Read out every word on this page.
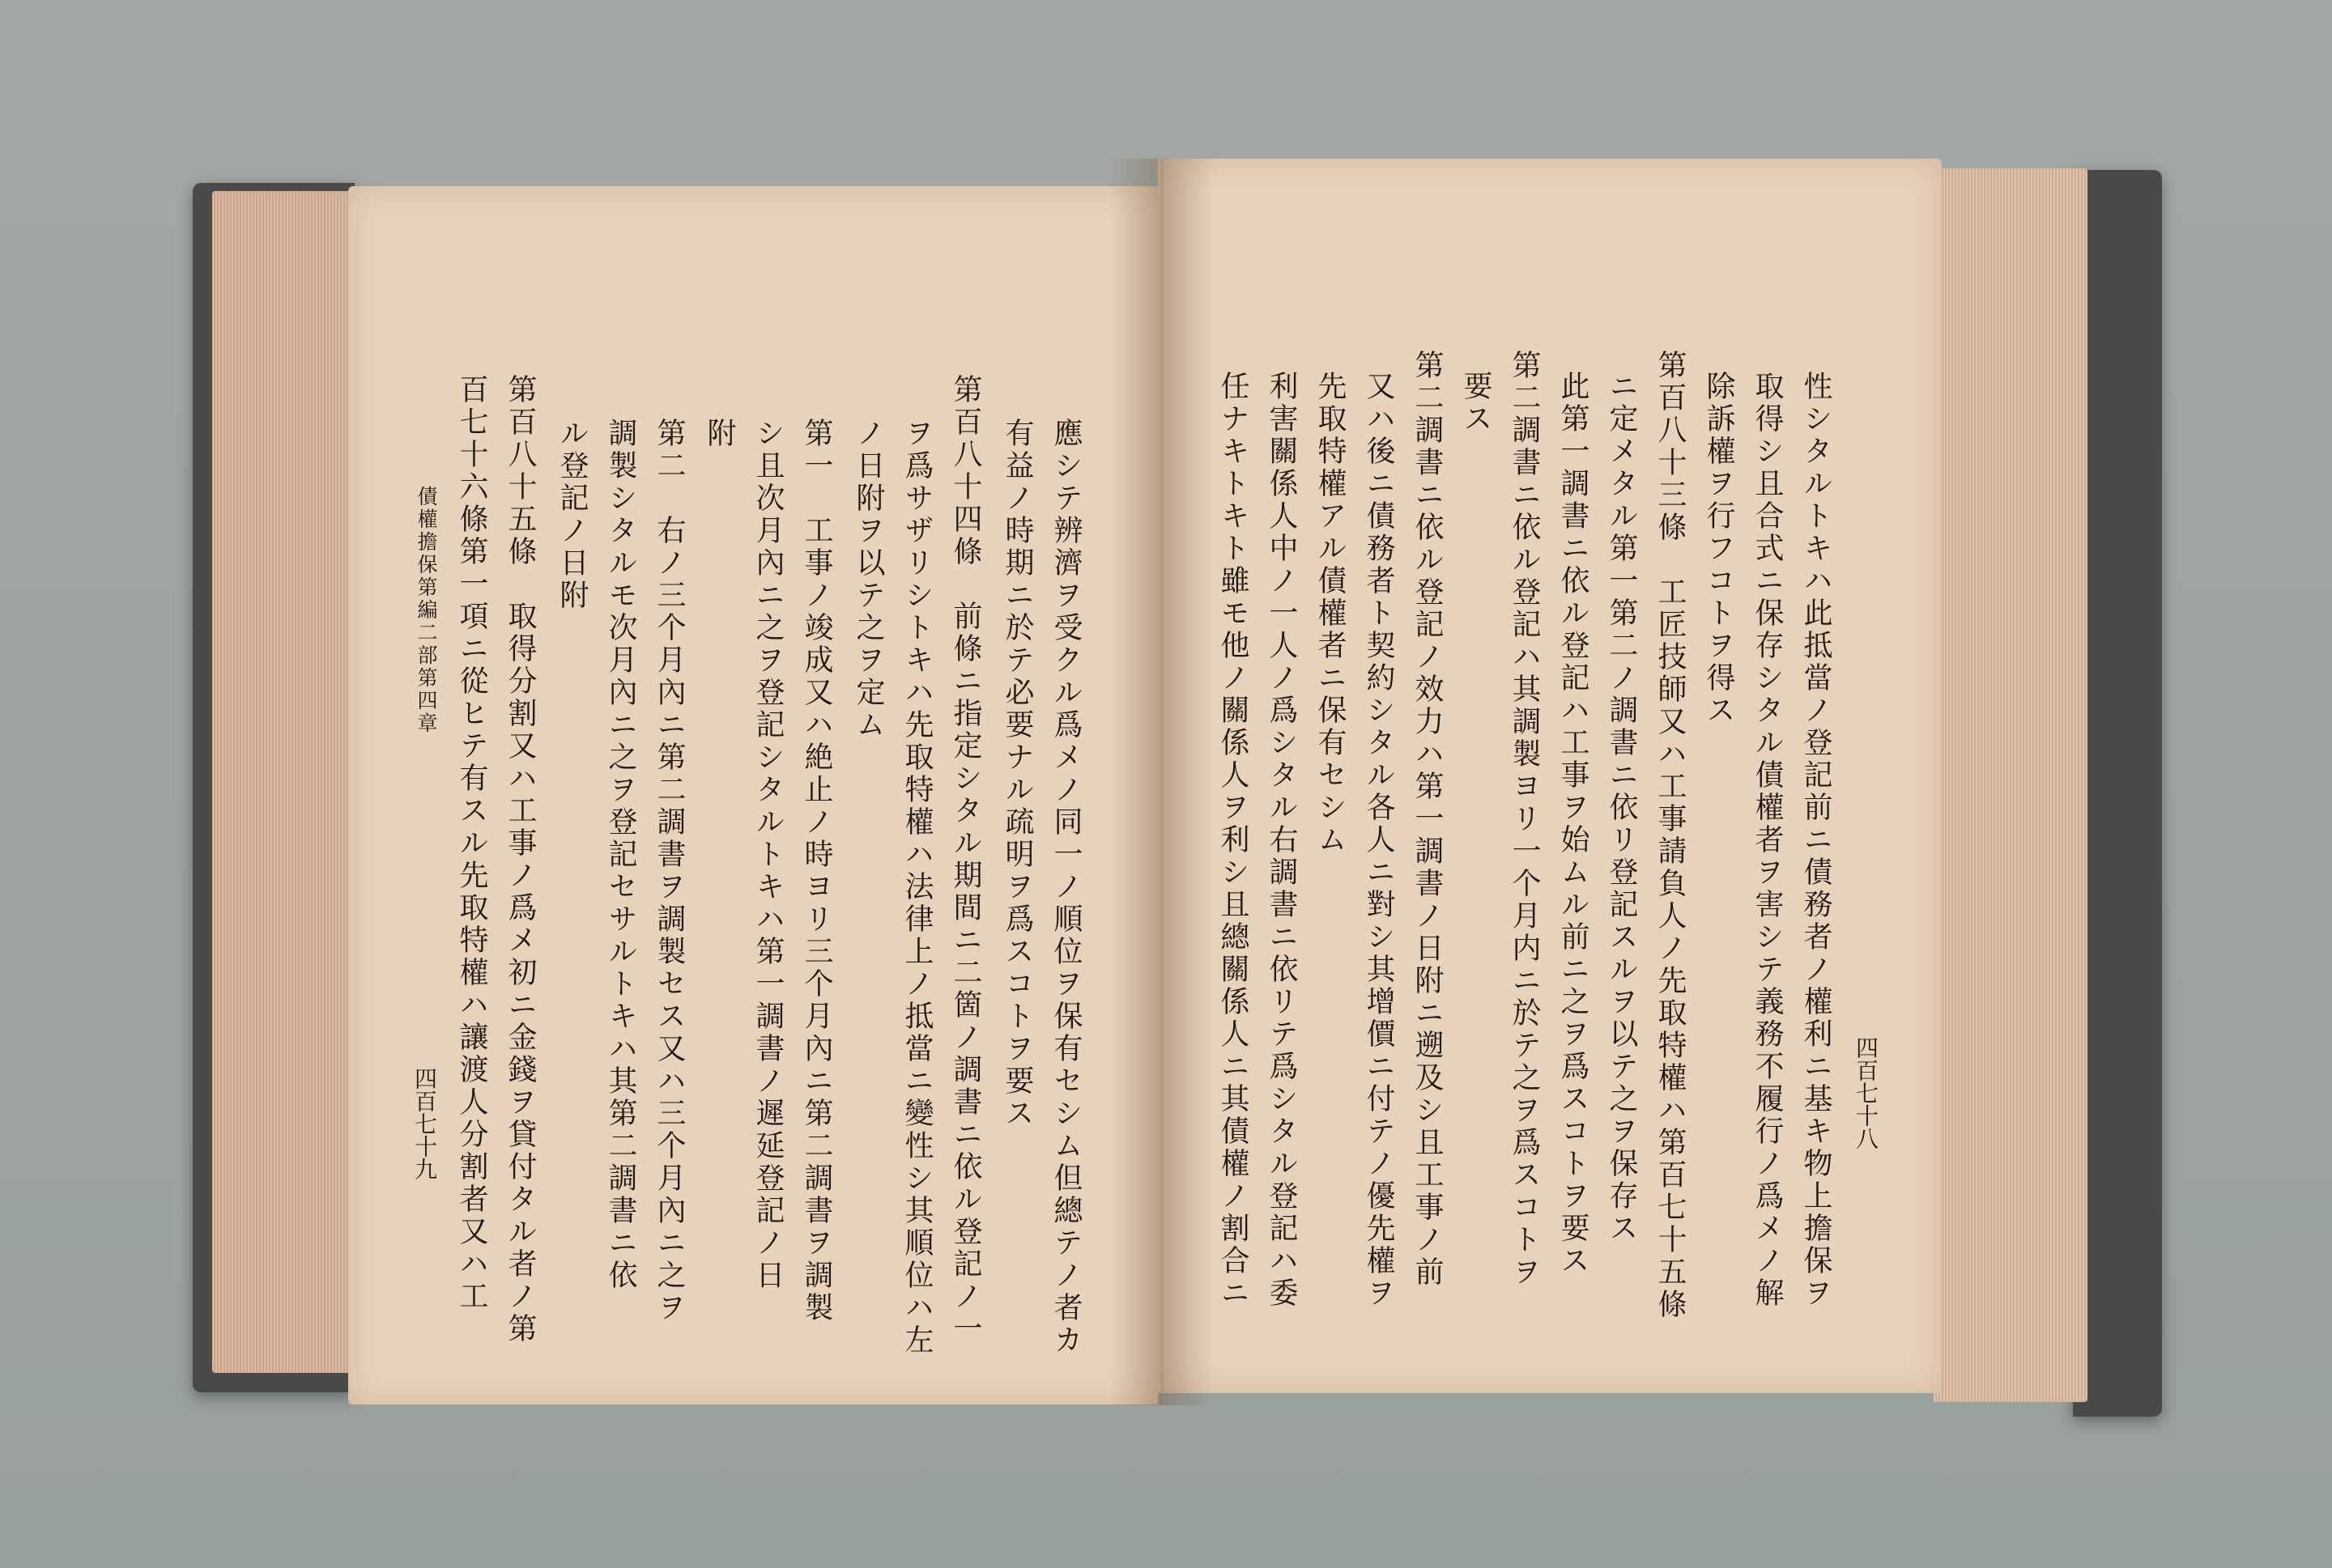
四百七十八
性シタルトキハ此抵當ノ登記前ニ債務者ノ權利ニ基キ物上擔保ヲ
取得シ且合式ニ保存シタル債權者ヲ害シテ義務不履行ノ爲メノ解
除訴權ヲ行フコトヲ得ス
第百八十三條　工匠技師又ハ工事請負人ノ先取特權ハ第百七十五條
ニ定メタル第一第二ノ調書ニ依リ登記スルヲ以テ之ヲ保存ス
此第一調書ニ依ル登記ハ工事ヲ始ムル前ニ之ヲ爲スコトヲ要ス
第二調書ニ依ル登記ハ其調製ヨリ一个月内ニ於テ之ヲ爲スコトヲ
要ス
第二調書ニ依ル登記ノ效力ハ第一調書ノ日附ニ遡及シ且工事ノ前
又ハ後ニ債務者ト契約シタル各人ニ對シ其增價ニ付テノ優先權ヲ
先取特權アル債權者ニ保有セシム
利害關係人中ノ一人ノ爲シタル右調書ニ依リテ爲シタル登記ハ委
任ナキトキト雖モ他ノ關係人ヲ利シ且總關係人ニ其債權ノ割合ニ
應シテ辨濟ヲ受クル爲メノ同一ノ順位ヲ保有セシム但總テノ者カ
有益ノ時期ニ於テ必要ナル疏明ヲ爲スコトヲ要ス
第百八十四條　前條ニ指定シタル期間ニ二箇ノ調書ニ依ル登記ノ一
ヲ爲サザリシトキハ先取特權ハ法律上ノ抵當ニ變性シ其順位ハ左
ノ日附ヲ以テ之ヲ定ム
第一　工事ノ竣成又ハ絶止ノ時ヨリ三个月內ニ第二調書ヲ調製
シ且次月內ニ之ヲ登記シタルトキハ第一調書ノ遲延登記ノ日
附
第二　右ノ三个月內ニ第二調書ヲ調製セス又ハ三个月內ニ之ヲ
調製シタルモ次月內ニ之ヲ登記セサルトキハ其第二調書ニ依
ル登記ノ日附
第百八十五條　取得分割又ハ工事ノ爲メ初ニ金錢ヲ貸付タル者ノ第
百七十六條第一項ニ從ヒテ有スル先取特權ハ讓渡人分割者又ハ工
債權擔保第編二部第四章
四百七十九
